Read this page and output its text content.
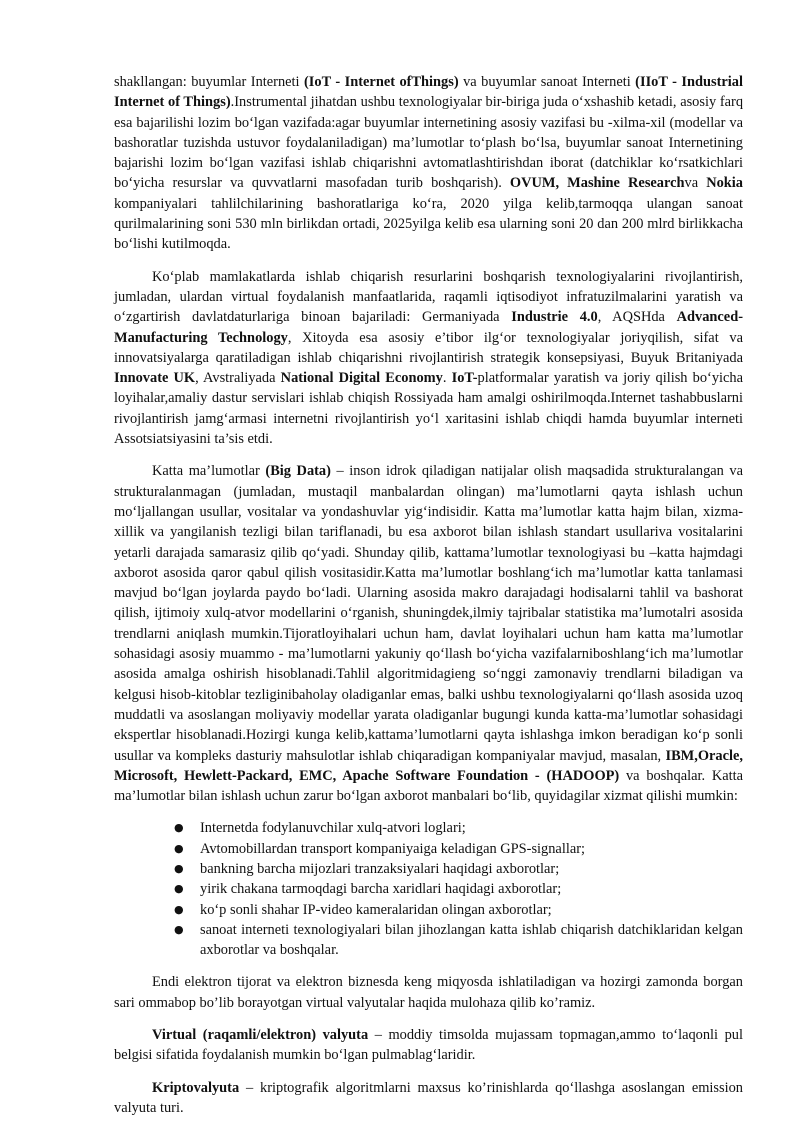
shakllangan: buyumlar Interneti (IoT - Internet ofThings) va buyumlar sanoat Interneti (IIoT - Industrial Internet of Things).Instrumental jihatdan ushbu texnologiyalar bir-biriga juda o‘xshashib ketadi, asosiy farq esa bajarilishi lozim bo‘lgan vazifada:agar buyumlar internetining asosiy vazifasi bu -xilma-xil (modellar va bashoratlar tuzishda ustuvor foydalaniladigan) ma’lumotlar to‘plash bo‘lsa, buyumlar sanoat Internetining bajarishi lozim bo‘lgan vazifasi ishlab chiqarishni avtomatlashtirishdan iborat (datchiklar ko‘rsatkichlari bo‘yicha resurslar va quvvatlarni masofadan turib boshqarish). OVUM, Mashine Researchva Nokia kompaniyalari tahlilchilarining bashoratlariga ko‘ra, 2020 yilga kelib,tarmoqqa ulangan sanoat qurilmalarining soni 530 mln birlikdan ortadi, 2025yilga kelib esa ularning soni 20 dan 200 mlrd birlikkacha bo‘lishi kutilmoqda.

Ko‘plab mamlakatlarda ishlab chiqarish resurlarini boshqarish texnologiyalarini rivojlantirish, jumladan, ulardan virtual foydalanish manfaatlarida, raqamli iqtisodiyot infratuzilmalarini yaratish va o‘zgartirish davlatdaturlariga binoan bajariladi: Germaniyada Industrie 4.0, AQSHda Advanced-Manufacturing Technology, Xitoyda esa asosiy e’tibor ilg‘or texnologiyalar joriyqilish, sifat va innovatsiyalarga qaratiladigan ishlab chiqarishni rivojlantirish strategik konsepsiyasi, Buyuk Britaniyada Innovate UK, Avstraliyada National Digital Economy. IoT-platformalar yaratish va joriy qilish bo‘yicha loyihalar,amaliy dastur servislari ishlab chiqish Rossiyada ham amalgi oshirilmoqda.Internet tashabbuslarni rivojlantirish jamg‘armasi internetni rivojlantirish yo‘l xaritasini ishlab chiqdi hamda buyumlar interneti Assotsiatsiyasini ta’sis etdi.

Katta ma’lumotlar (Big Data) – inson idrok qiladigan natijalar olish maqsadida strukturalangan va strukturalanmagan (jumladan, mustaqil manbalardan olingan) ma’lumotlarni qayta ishlash uchun mo‘ljallangan usullar, vositalar va yondashuvlar yig‘indisidir. Katta ma’lumotlar katta hajm bilan, xizma-xillik va yangilanish tezligi bilan tariflanadi, bu esa axborot bilan ishlash standart usullariva vositalarini yetarli darajada samarasiz qilib qo‘yadi. Shunday qilib, kattama’lumotlar texnologiyasi bu –katta hajmdagi axborot asosida qaror qabul qilish vositasidir.Katta ma’lumotlar boshlang‘ich ma’lumotlar katta tanlamasi mavjud bo‘lgan joylarda paydo bo‘ladi. Ularning asosida makro darajadagi hodisalarni tahlil va bashorat qilish, ijtimoiy xulq-atvor modellarini o‘rganish, shuningdek,ilmiy tajribalar statistika ma’lumotalri asosida trendlarni aniqlash mumkin.Tijoratloyihalari uchun ham, davlat loyihalari uchun ham katta ma’lumotlar sohasidagi asosiy muammo - ma’lumotlarni yakuniy qo‘llash bo‘yicha vazifalarniboshlang‘ich ma’lumotlar asosida amalga oshirish hisoblanadi.Tahlil algoritmidagieng so‘nggi zamonaviy trendlarni biladigan va kelgusi hisob-kitoblar tezliginibaholay oladiganlar emas, balki ushbu texnologiyalarni qo‘llash asosida uzoq muddatli va asoslangan moliyaviy modellar yarata oladiganlar bugungi kunda katta-ma’lumotlar sohasidagi ekspertlar hisoblanadi.Hozirgi kunga kelib,kattama’lumotlarni qayta ishlashga imkon beradigan ko‘p sonli usullar va kompleks dasturiy mahsulotlar ishlab chiqaradigan kompaniyalar mavjud, masalan, IBM,Oracle, Microsoft, Hewlett-Packard, EMC, Apache Software Foundation - (HADOOP) va boshqalar. Katta ma’lumotlar bilan ishlash uchun zarur bo‘lgan axborot manbalari bo‘lib, quyidagilar xizmat qilishi mumkin:

● Internetda fodylanuvchilar xulq-atvori loglari;
● Avtomobillardan transport kompaniyaiga keladigan GPS-signallar;
● bankning barcha mijozlari tranzaksiyalari haqidagi axborotlar;
● yirik chakana tarmoqdagi barcha xaridlari haqidagi axborotlar;
● ko‘p sonli shahar IP-video kameralaridan olingan axborotlar;
● sanoat interneti texnologiyalari bilan jihozlangan katta ishlab chiqarish datchiklaridan kelgan axborotlar va boshqalar.

Endi elektron tijorat va elektron biznesda keng miqyosda ishlatiladigan va hozirgi zamonda borgan sari ommabop bo’lib borayotgan virtual valyutalar haqida mulohaza qilib ko’ramiz.

Virtual (raqamli/elektron) valyuta – moddiy timsolda mujassam topmagan,ammo to‘laqonli pul belgisi sifatida foydalanish mumkin bo‘lgan pulmablag‘laridir.

Kriptovalyuta – kriptografik algoritmlarni maxsus ko’rinishlarda qo‘llashga asoslangan emission valyuta turi.
